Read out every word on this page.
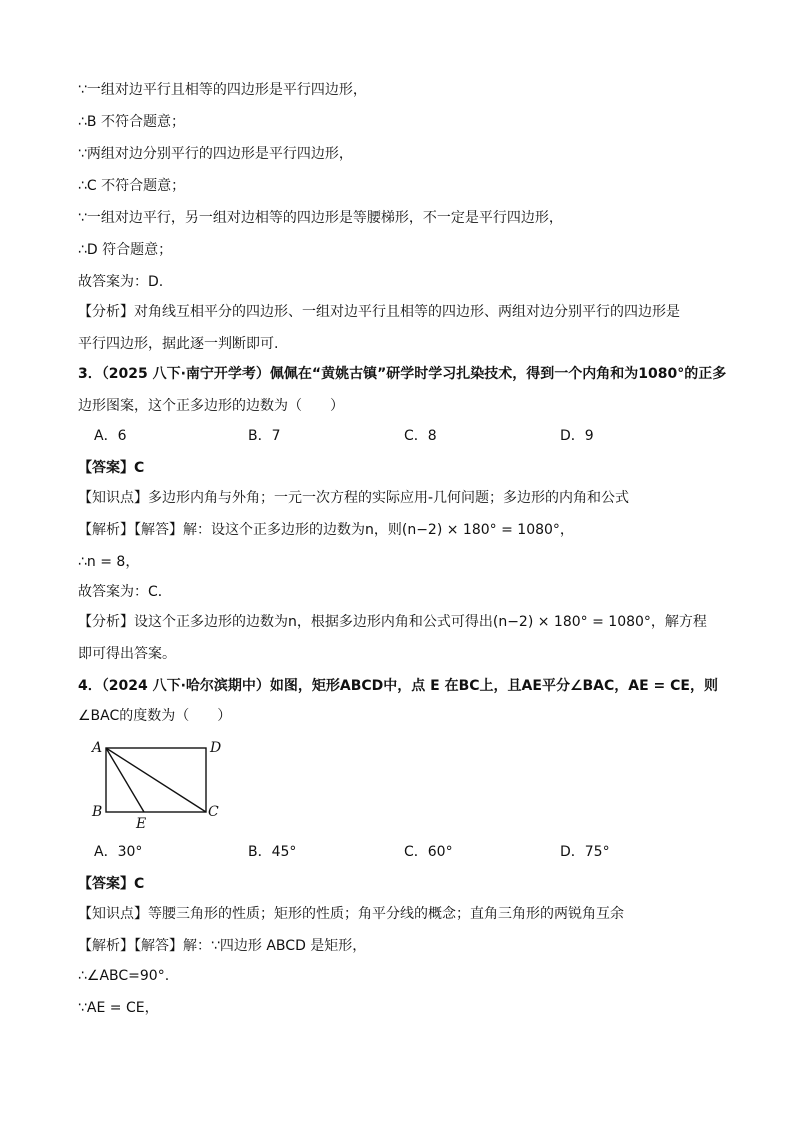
∵一组对边平行且相等的四边形是平行四边形，
∴B 不符合题意；
∵两组对边分别平行的四边形是平行四边形，
∴C 不符合题意；
∵一组对边平行，另一组对边相等的四边形是等腰梯形，不一定是平行四边形，
∴D 符合题意；
故答案为：D.
【分析】对角线互相平分的四边形、一组对边平行且相等的四边形、两组对边分别平行的四边形是
平行四边形，据此逐一判断即可.
3．（2025 八下·南宁开学考）佩佩在“黄姚古镇”研学时学习扎染技术，得到一个内角和为1080°的正多
边形图案，这个正多边形的边数为（　　）
A．6	B．7	C．8	D．9
【答案】C
【知识点】多边形内角与外角；一元一次方程的实际应用-几何问题；多边形的内角和公式
【解析】【解答】解：设这个正多边形的边数为n，则(n−2) × 180° = 1080°，
∴n = 8，
故答案为：C．
【分析】设这个正多边形的边数为n，根据多边形内角和公式可得出(n−2) × 180° = 1080°，解方程
即可得出答案。
4．（2024 八下·哈尔滨期中）如图，矩形ABCD中，点 E 在BC上，且AE平分∠BAC，AE = CE，则
∠BAC的度数为（　　）
A	D
B	C
E
A．30°	B．45°	C．60°	D．75°
【答案】C
【知识点】等腰三角形的性质；矩形的性质；角平分线的概念；直角三角形的两锐角互余
【解析】【解答】解：∵四边形 ABCD 是矩形，
∴∠ABC=90°.
∵AE = CE，
